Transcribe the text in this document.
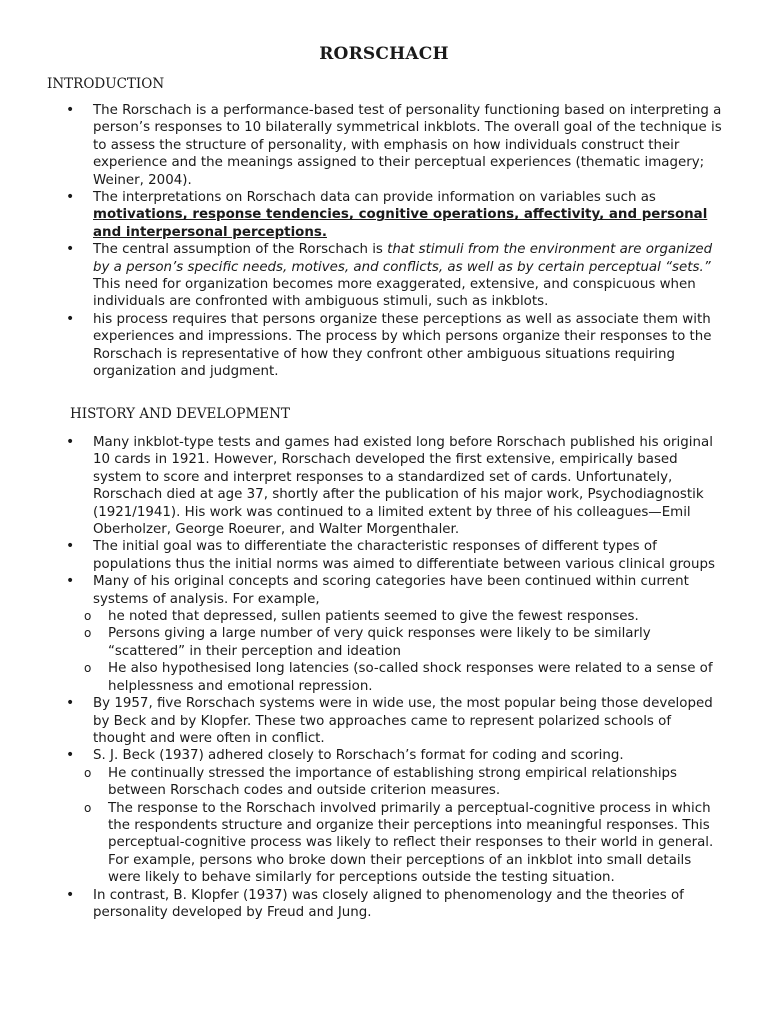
RORSCHACH
INTRODUCTION
• The Rorschach is a performance-based test of personality functioning based on interpreting a person’s responses to 10 bilaterally symmetrical inkblots. The overall goal of the technique is to assess the structure of personality, with emphasis on how individuals construct their experience and the meanings assigned to their perceptual experiences (thematic imagery; Weiner, 2004).
• The interpretations on Rorschach data can provide information on variables such as motivations, response tendencies, cognitive operations, affectivity, and personal and interpersonal perceptions.
• The central assumption of the Rorschach is that stimuli from the environment are organized by a person’s specific needs, motives, and conflicts, as well as by certain perceptual “sets.” This need for organization becomes more exaggerated, extensive, and conspicuous when individuals are confronted with ambiguous stimuli, such as inkblots.
• his process requires that persons organize these perceptions as well as associate them with experiences and impressions. The process by which persons organize their responses to the Rorschach is representative of how they confront other ambiguous situations requiring organization and judgment.
HISTORY AND DEVELOPMENT
• Many inkblot-type tests and games had existed long before Rorschach published his original 10 cards in 1921. However, Rorschach developed the first extensive, empirically based system to score and interpret responses to a standardized set of cards. Unfortunately, Rorschach died at age 37, shortly after the publication of his major work, Psychodiagnostik (1921/1941). His work was continued to a limited extent by three of his colleagues—Emil Oberholzer, George Roeurer, and Walter Morgenthaler.
• The initial goal was to differentiate the characteristic responses of different types of populations thus the initial norms was aimed to differentiate between various clinical groups
• Many of his original concepts and scoring categories have been continued within current systems of analysis. For example,
o he noted that depressed, sullen patients seemed to give the fewest responses.
o Persons giving a large number of very quick responses were likely to be similarly “scattered” in their perception and ideation
o He also hypothesised long latencies (so-called shock responses were related to a sense of helplessness and emotional repression.
• By 1957, five Rorschach systems were in wide use, the most popular being those developed by Beck and by Klopfer. These two approaches came to represent polarized schools of thought and were often in conflict.
• S. J. Beck (1937) adhered closely to Rorschach’s format for coding and scoring.
o He continually stressed the importance of establishing strong empirical relationships between Rorschach codes and outside criterion measures.
o The response to the Rorschach involved primarily a perceptual-cognitive process in which the respondents structure and organize their perceptions into meaningful responses. This perceptual-cognitive process was likely to reflect their responses to their world in general. For example, persons who broke down their perceptions of an inkblot into small details were likely to behave similarly for perceptions outside the testing situation.
• In contrast, B. Klopfer (1937) was closely aligned to phenomenology and the theories of personality developed by Freud and Jung.
